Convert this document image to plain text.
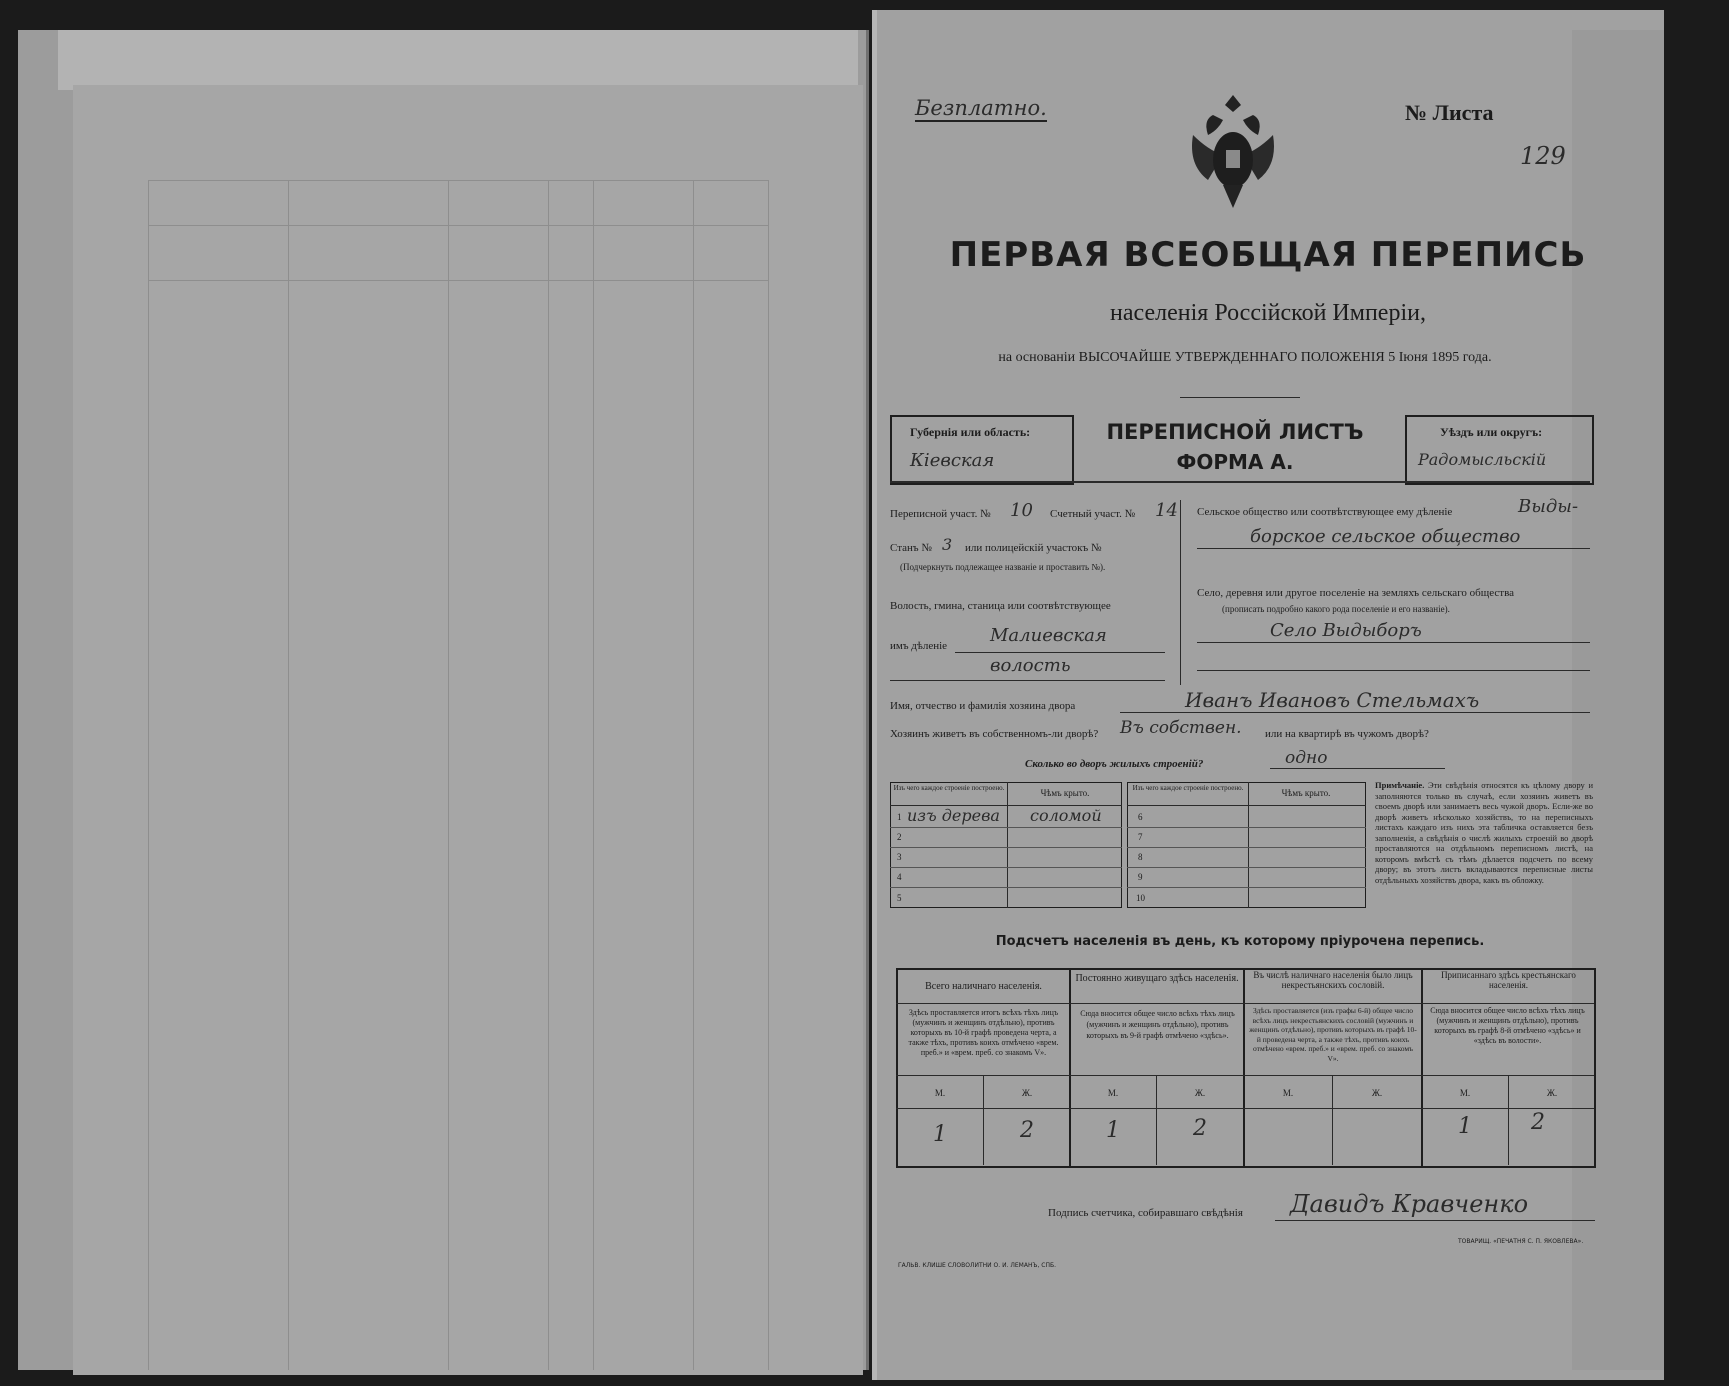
Безплатно.	№ Листа
129
ПЕРВАЯ ВСЕОБЩАЯ ПЕРЕПИСЬ
населенія Россійской Имперіи,
на основаніи ВЫСОЧАЙШЕ УТВЕРЖДЕННАГО ПОЛОЖЕНІЯ 5 Іюня 1895 года.
Губернія или область:
Кіевская
ПЕРЕПИСНОЙ ЛИСТЪ
ФОРМА А.
Уѣздъ или округъ:
Радомысльскій
Переписной участ. № 10 Счетный участ. № 14
Станъ № 3 или полицейскій участокъ №
(Подчеркнуть подлежащее названіе и проставить №).
Волость, гмина, станица или соотвѣтствующее
имъ дѣленіе Малиевская
волость
Сельское общество или соотвѣтствующее ему дѣленіе	Выды-
борское сельское общество
Село, деревня или другое поселеніе на земляхъ сельскаго общества
(прописать подробно какого рода поселеніе и его названіе).
Село Выдыборъ
Имя, отчество и фамилія хозяина двора	Иванъ Ивановъ Стельмахъ
Хозяинъ живетъ въ собственномъ-ли дворѣ? Въ собствен. или на квартирѣ въ чужомъ дворѣ?
Сколько во дворъ жилыхъ строеній?	одно
Изъ чего каждое строеніе построено.	Чѣмъ крыто.
1 изъ дерева соломой
2
3
4
5
Изъ чего каждое строеніе построено.	Чѣмъ крыто.
6
7
8
9
10
Примѣчаніе. Эти свѣдѣнія относятся къ цѣлому двору и заполняются только въ случаѣ, если хозяинъ живетъ въ своемъ дворѣ или занимаетъ весь чужой дворъ. Если-же во дворѣ живетъ нѣсколько хозяйствъ, то на переписныхъ листахъ каждаго изъ нихъ эта табличка оставляется безъ заполненія, а свѣдѣнія о числѣ жилыхъ строеній во дворѣ проставляются на отдѣльномъ переписномъ листѣ, на которомъ вмѣстѣ съ тѣмъ дѣлается подсчетъ по всему двору; въ этотъ листъ вкладываются переписные листы отдѣльныхъ хозяйствъ двора, какъ въ обложку.
Подсчетъ населенія въ день, къ которому пріурочена перепись.
Всего наличнаго населенія.
Здѣсь проставляется итогъ всѣхъ тѣхъ лицъ (мужчинъ и женщинъ отдѣльно), противъ которыхъ въ 10-й графѣ проведена черта, а также тѣхъ, противъ коихъ отмѣчено «врем. преб.» и «врем. преб. со знакомъ V».
М.	Ж.
1	2
Постоянно живущаго здѣсь населенія.
Сюда вносится общее число всѣхъ тѣхъ лицъ (мужчинъ и женщинъ отдѣльно), противъ которыхъ въ 9-й графѣ отмѣчено «здѣсь».
М.	Ж.
1	2
Въ числѣ наличнаго населенія было лицъ некрестьянскихъ сословій.
Здѣсь проставляется (изъ графы 6-й) общее число всѣхъ лицъ некрестьянскихъ сословій (мужчинъ и женщинъ отдѣльно), противъ которыхъ въ графѣ 10-й проведена черта, а также тѣхъ, противъ коихъ отмѣчено «врем. преб.» и «врем. преб. со знакомъ V».
М.	Ж.
Приписаннаго здѣсь крестьянскаго населенія.
Сюда вносится общее число всѣхъ тѣхъ лицъ (мужчинъ и женщинъ отдѣльно), противъ которыхъ въ графѣ 8-й отмѣчено «здѣсь» и «здѣсь въ волости».
М.	Ж.
1	2
Подпись счетчика, собиравшаго свѣдѣнія Давидъ Кравченко
ГАЛЬВ. КЛИШЕ СЛОВОЛИТНИ О. И. ЛЕМАНЪ, СПБ.
ТОВАРИЩ. «ПЕЧАТНЯ С. П. ЯКОВЛЕВА».
